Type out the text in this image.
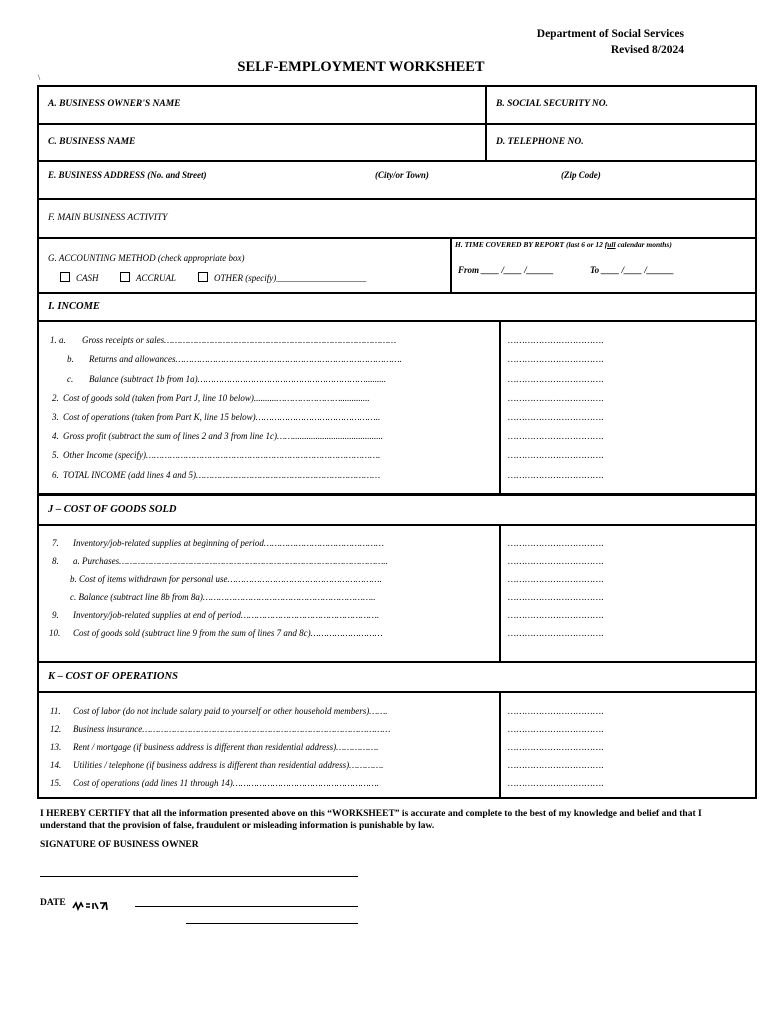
Department of Social Services
Revised 8/2024
SELF-EMPLOYMENT WORKSHEET
\
A. BUSINESS OWNER'S NAME	B. SOCIAL SECURITY NO.
C. BUSINESS NAME	D. TELEPHONE NO.
E. BUSINESS ADDRESS (No. and Street)	(City/or Town)	(Zip Code)
F. MAIN BUSINESS ACTIVITY
G. ACCOUNTING METHOD (check appropriate box)
CASH	ACCRUAL	OTHER (specify)____________________
H. TIME COVERED BY REPORT (last 6 or 12 full calendar months)
From ____ /____ /______	To ____ /____ /______
I. INCOME
1. a. Gross receipts or sales……………………………………………………………………………	…………………………….
b. Returns and allowances………………………………………………………………………….	…………………………….
c. Balance (subtract 1b from 1a)……………………………………………………….........	…………………………….
2. Cost of goods sold (taken from Part J, line 10 below)..........…………………….............	…………………………….
3. Cost of operations (taken from Part K, line 15 below)………………………………………..	…………………………….
4. Gross profit (subtract the sum of lines 2 and 3 from line 1c)……........................................	…………………………….
5. Other Income (specify)…………………………………………………………………………….	…………………………….
6. TOTAL INCOME (add lines 4 and 5)……………………………………………………………	…………………………….
J – COST OF GOODS SOLD
7. Inventory/job-related supplies at beginning of period………………………………………	…………………………….
8. a. Purchases………………………………………………………………………………………..	…………………………….
b. Cost of items withdrawn for personal use………………………………………………….	…………………………….
c. Balance (subtract line 8b from 8a)………………………………………………………..	…………………………….
9. Inventory/job-related supplies at end of period…………………………………………….	…………………………….
10. Cost of goods sold (subtract line 9 from the sum of lines 7 and 8c)………………………	…………………………….
K – COST OF OPERATIONS
11. Cost of labor (do not include salary paid to yourself or other household members)…….	…………………………….
12. Business insurance…………………………………………………………………………………	…………………………….
13. Rent / mortgage (if business address is different than residential address)…………….	…………………………….
14. Utilities / telephone (if business address is different than residential address)………….	…………………………….
15. Cost of operations (add lines 11 through 14)……………………………………………….	…………………………….
I HEREBY CERTIFY that all the information presented above on this “WORKSHEET” is accurate and complete to the best of my knowledge and belief and that I understand that the provision of false, fraudulent or misleading information is punishable by law.
SIGNATURE OF BUSINESS OWNER
DATE
